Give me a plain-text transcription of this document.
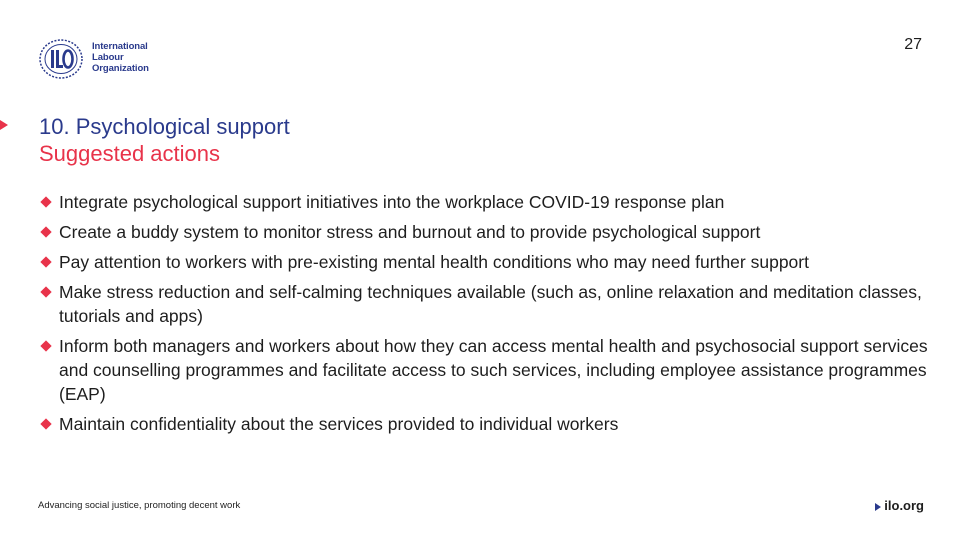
International
Labour
Organization
27
10. Psychological support
Suggested actions
Integrate psychological support initiatives into the workplace COVID-19 response plan
Create a buddy system to monitor stress and burnout and to provide psychological support
Pay attention to workers with pre-existing mental health conditions who may need further support
Make stress reduction and self-calming techniques available (such as, online relaxation and meditation classes, tutorials and apps)
Inform both managers and workers about how they can access mental health and psychosocial support services and counselling programmes and facilitate access to such services, including employee assistance programmes (EAP)
Maintain confidentiality about the services provided to individual workers
Advancing social justice, promoting decent work	ilo.org
